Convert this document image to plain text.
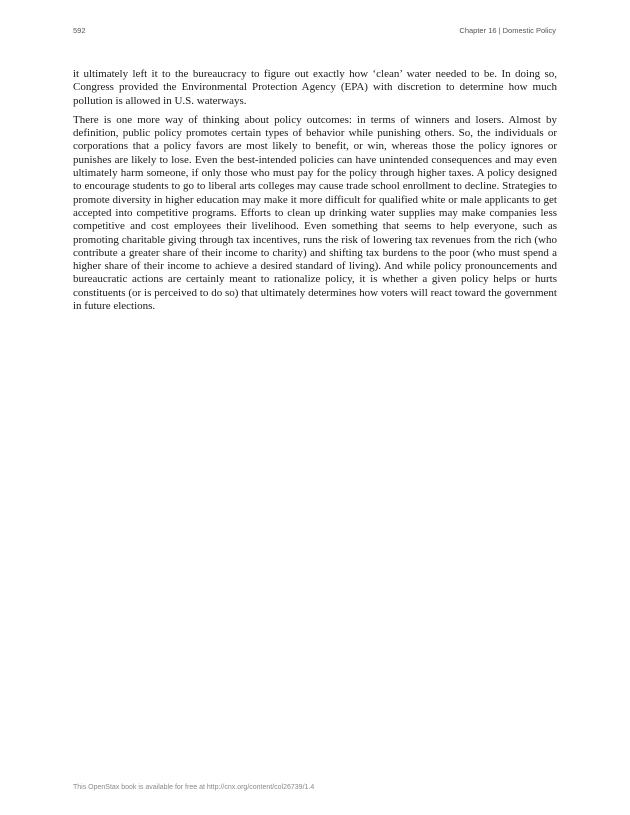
592	Chapter 16 | Domestic Policy

it ultimately left it to the bureaucracy to figure out exactly how ‘clean’ water needed to be. In doing so, Congress provided the Environmental Protection Agency (EPA) with discretion to determine how much pollution is allowed in U.S. waterways.

There is one more way of thinking about policy outcomes: in terms of winners and losers. Almost by definition, public policy promotes certain types of behavior while punishing others. So, the individuals or corporations that a policy favors are most likely to benefit, or win, whereas those the policy ignores or punishes are likely to lose. Even the best-intended policies can have unintended consequences and may even ultimately harm someone, if only those who must pay for the policy through higher taxes. A policy designed to encourage students to go to liberal arts colleges may cause trade school enrollment to decline. Strategies to promote diversity in higher education may make it more difficult for qualified white or male applicants to get accepted into competitive programs. Efforts to clean up drinking water supplies may make companies less competitive and cost employees their livelihood. Even something that seems to help everyone, such as promoting charitable giving through tax incentives, runs the risk of lowering tax revenues from the rich (who contribute a greater share of their income to charity) and shifting tax burdens to the poor (who must spend a higher share of their income to achieve a desired standard of living). And while policy pronouncements and bureaucratic actions are certainly meant to rationalize policy, it is whether a given policy helps or hurts constituents (or is perceived to do so) that ultimately determines how voters will react toward the government in future elections.

This OpenStax book is available for free at http://cnx.org/content/col26739/1.4
